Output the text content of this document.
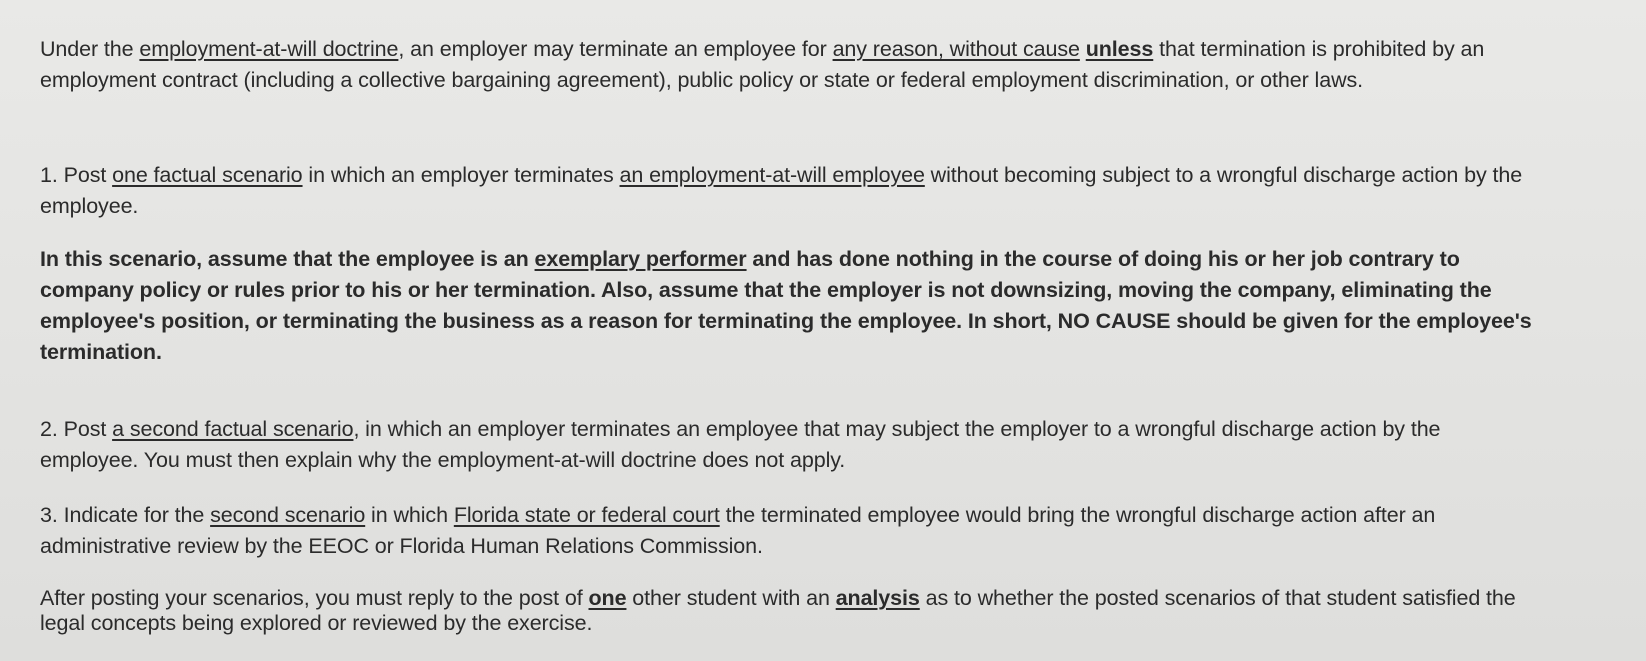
Under the employment-at-will doctrine, an employer may terminate an employee for any reason, without cause unless that termination is prohibited by an employment contract (including a collective bargaining agreement), public policy or state or federal employment discrimination, or other laws.

1. Post one factual scenario in which an employer terminates an employment-at-will employee without becoming subject to a wrongful discharge action by the employee.

In this scenario, assume that the employee is an exemplary performer and has done nothing in the course of doing his or her job contrary to company policy or rules prior to his or her termination. Also, assume that the employer is not downsizing, moving the company, eliminating the employee's position, or terminating the business as a reason for terminating the employee. In short, NO CAUSE should be given for the employee's termination.

2. Post a second factual scenario, in which an employer terminates an employee that may subject the employer to a wrongful discharge action by the employee. You must then explain why the employment-at-will doctrine does not apply.

3. Indicate for the second scenario in which Florida state or federal court the terminated employee would bring the wrongful discharge action after an administrative review by the EEOC or Florida Human Relations Commission.

After posting your scenarios, you must reply to the post of one other student with an analysis as to whether the posted scenarios of that student satisfied the legal concepts being explored or reviewed by the exercise.
